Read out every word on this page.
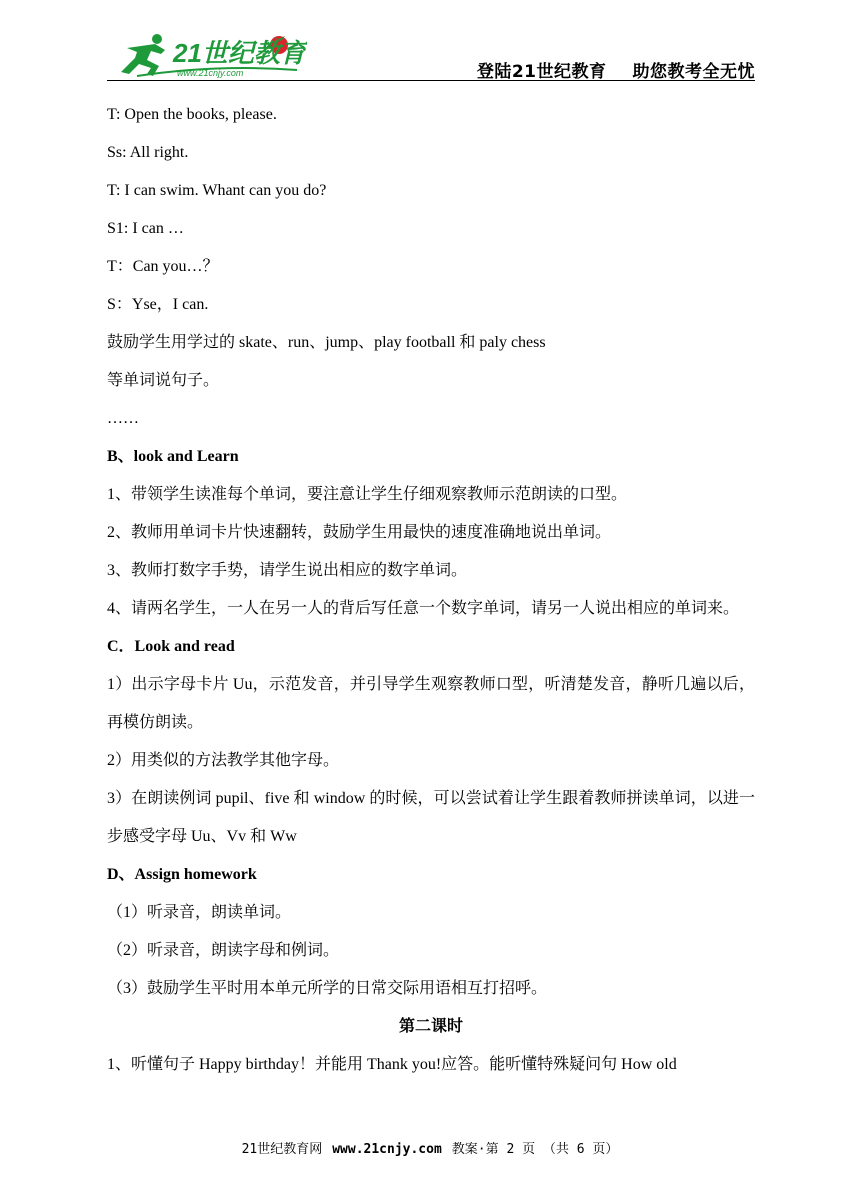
21世纪教育
www.21cnjy.com	登陆21世纪教育 助您教考全无忧
T: Open the books, please.
Ss: All right.
T: I can swim. Whant can you do?
S1: I can …
T：Can you…？
S：Yse，I can.
鼓励学生用学过的 skate、run、jump、play football 和 paly chess
等单词说句子。
……
B、look and Learn
1、带领学生读准每个单词，要注意让学生仔细观察教师示范朗读的口型。
2、教师用单词卡片快速翻转，鼓励学生用最快的速度准确地说出单词。
3、教师打数字手势，请学生说出相应的数字单词。
4、请两名学生，一人在另一人的背后写任意一个数字单词，请另一人说出相应的单词来。
C．Look and read
1）出示字母卡片 Uu，示范发音，并引导学生观察教师口型，听清楚发音，静听几遍以后，再模仿朗读。
2）用类似的方法教学其他字母。
3）在朗读例词 pupil、five 和 window 的时候，可以尝试着让学生跟着教师拼读单词，以进一步感受字母 Uu、Vv 和 Ww
D、Assign homework
（1）听录音，朗读单词。
（2）听录音，朗读字母和例词。
（3）鼓励学生平时用本单元所学的日常交际用语相互打招呼。
第二课时
1、听懂句子 Happy birthday！并能用 Thank you!应答。能听懂特殊疑问句 How old
21世纪教育网 www.21cnjy.com 教案·第 2 页 （共 6 页）
